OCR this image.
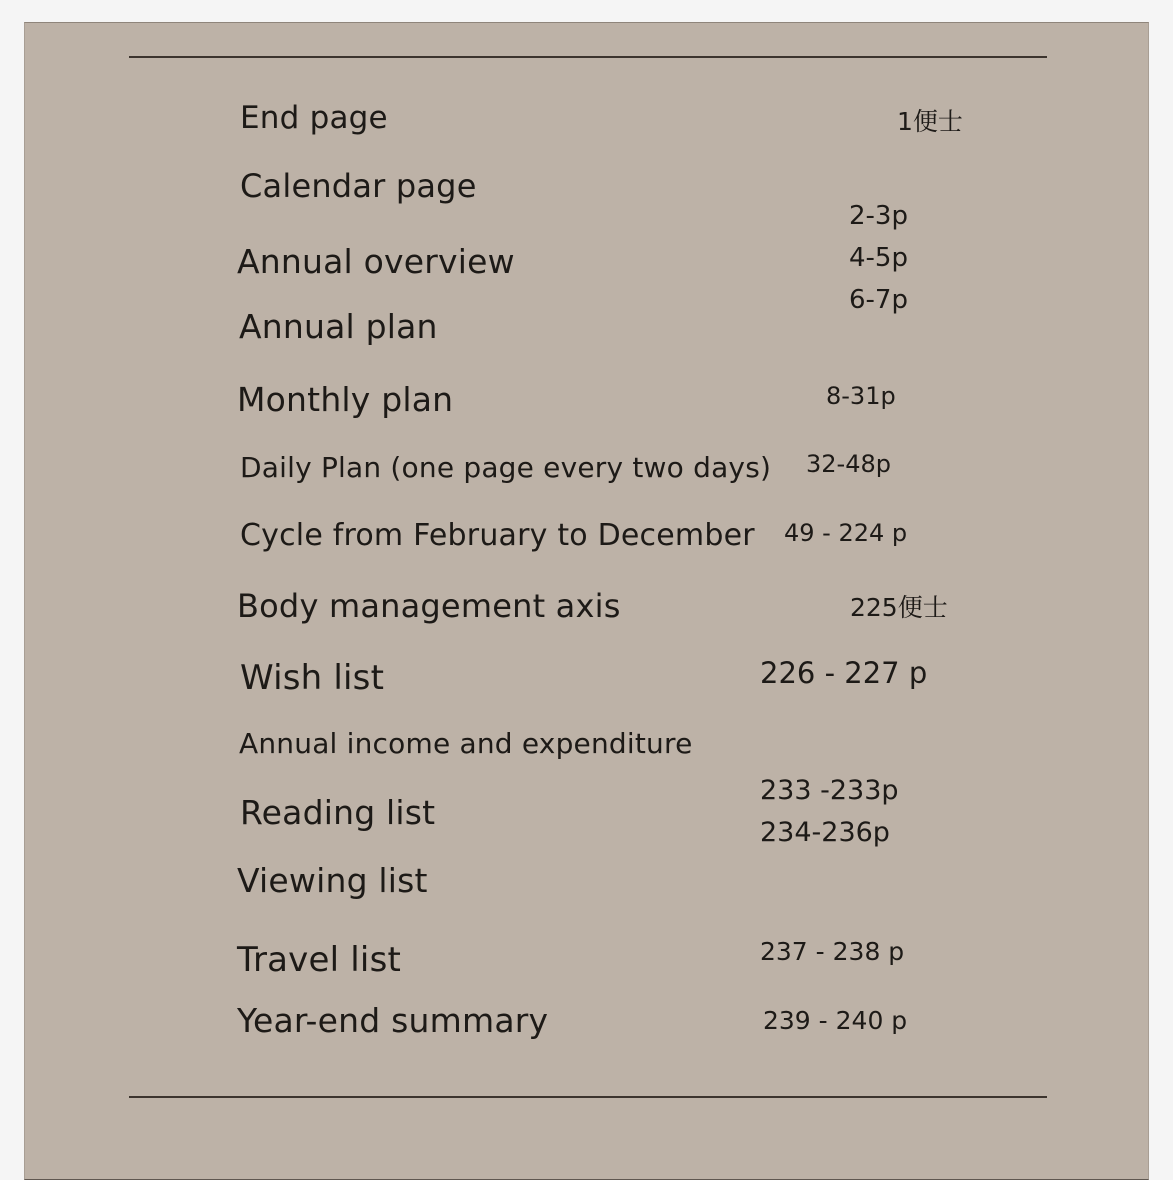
End page
Calendar page
Annual overview
Annual plan
Monthly plan
Daily Plan (one page every two days)
Cycle from February to December
Body management axis
Wish list
Annual income and expenditure
Reading list
Viewing list
Travel list
Year-end summary
1便士
2-3p
4-5p
6-7p
8-31p
32-48p
49 - 224 p
225便士
226 - 227 p
233 -233p
234-236p
237 - 238 p
239 - 240 p
